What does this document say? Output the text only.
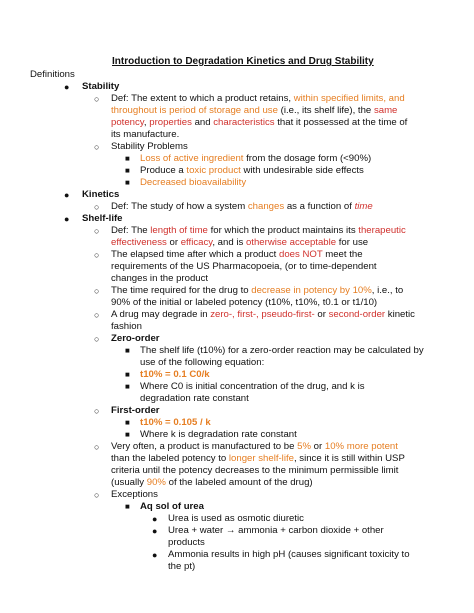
Introduction to Degradation Kinetics and Drug Stability
Definitions
● Stability
○ Def: The extent to which a product retains, within specified limits, and
throughout is period of storage and use (i.e., its shelf life), the same
potency, properties and characteristics that it possessed at the time of
its manufacture.
○ Stability Problems
■ Loss of active ingredient from the dosage form (<90%)
■ Produce a toxic product with undesirable side effects
■ Decreased bioavailability
● Kinetics
○ Def: The study of how a system changes as a function of time
● Shelf-life
○ Def: The length of time for which the product maintains its therapeutic
effectiveness or efficacy, and is otherwise acceptable for use
○ The elapsed time after which a product does NOT meet the
requirements of the US Pharmacopoeia, (or to time-dependent
changes in the product
○ The time required for the drug to decrease in potency by 10%, i.e., to
90% of the initial or labeled potency (t10%, t10%, t0.1 or t1/10)
○ A drug may degrade in zero-, first-, pseudo-first- or second-order kinetic
fashion
○ Zero-order
■ The shelf life (t10%) for a zero-order reaction may be calculated by
use of the following equation:
■ t10% = 0.1 C0/k
■ Where C0 is initial concentration of the drug, and k is
degradation rate constant
○ First-order
■ t10% = 0.105 / k
■ Where k is degradation rate constant
○ Very often, a product is manufactured to be 5% or 10% more potent
than the labeled potency to longer shelf-life, since it is still within USP
criteria until the potency decreases to the minimum permissible limit
(usually 90% of the labeled amount of the drug)
○ Exceptions
■ Aq sol of urea
● Urea is used as osmotic diuretic
● Urea + water → ammonia + carbon dioxide + other
products
● Ammonia results in high pH (causes significant toxicity to
the pt)
